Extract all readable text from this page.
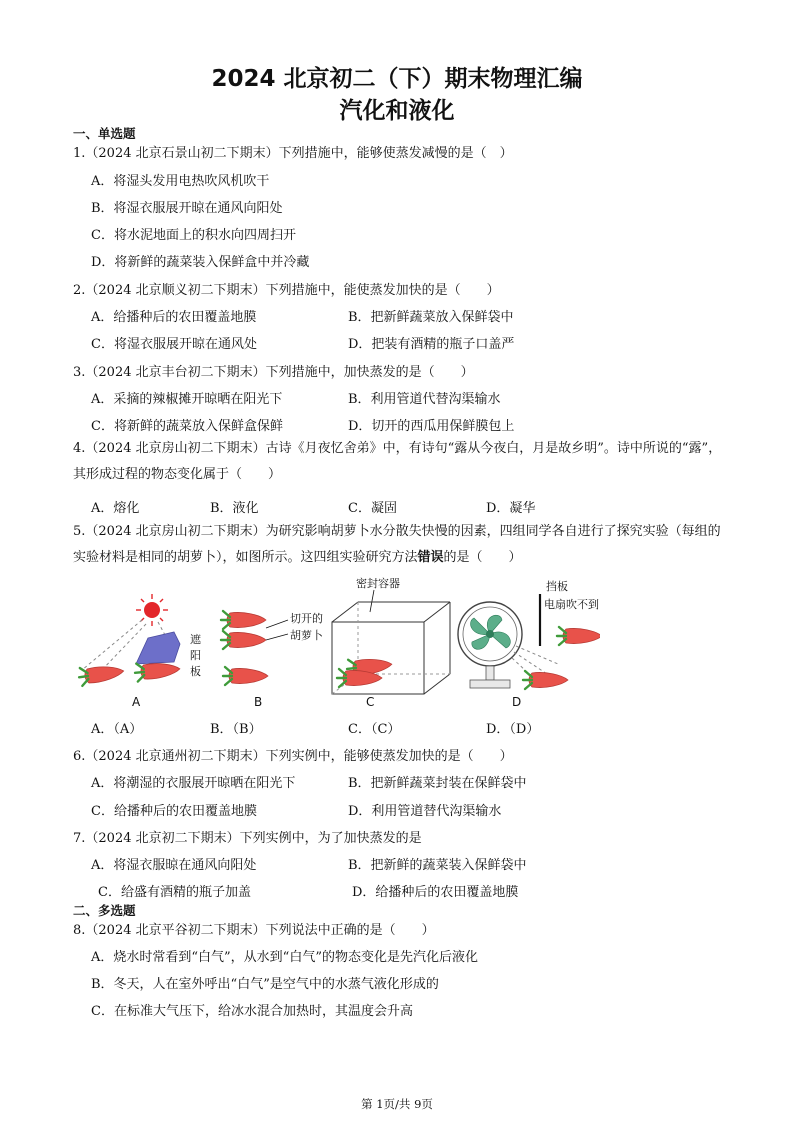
2024 北京初二（下）期末物理汇编
汽化和液化
一、单选题
1.（2024 北京石景山初二下期末）下列措施中，能够使蒸发减慢的是（　）
A．将湿头发用电热吹风机吹干
B．将湿衣服展开晾在通风向阳处
C．将水泥地面上的积水向四周扫开
D．将新鲜的蔬菜装入保鲜盒中并冷藏
2.（2024 北京顺义初二下期末）下列措施中，能使蒸发加快的是（　　）
A．给播种后的农田覆盖地膜	B．把新鲜蔬菜放入保鲜袋中
C．将湿衣服展开晾在通风处	D．把装有酒精的瓶子口盖严
3.（2024 北京丰台初二下期末）下列措施中，加快蒸发的是（　　）
A．采摘的辣椒摊开晾晒在阳光下	B．利用管道代替沟渠输水
C．将新鲜的蔬菜放入保鲜盒保鲜	D．切开的西瓜用保鲜膜包上
4.（2024 北京房山初二下期末）古诗《月夜忆舍弟》中，有诗句“露从今夜白，月是故乡明”。诗中所说的“露”，其形成过程的物态变化属于（　　）
A．熔化	B．液化	C．凝固	D．凝华
5.（2024 北京房山初二下期末）为研究影响胡萝卜水分散失快慢的因素，四组同学各自进行了探究实验（每组的实验材料是相同的胡萝卜），如图所示。这四组实验研究方法错误的是（　　）
遮
阳
板
A
切开的
胡萝卜
B
密封容器
C
挡板
电扇吹不到
D
A．（A）	B．（B）	C．（C）	D．（D）
6.（2024 北京通州初二下期末）下列实例中，能够使蒸发加快的是（　　）
A．将潮湿的衣服展开晾晒在阳光下	B．把新鲜蔬菜封装在保鲜袋中
C．给播种后的农田覆盖地膜	D．利用管道替代沟渠输水
7.（2024 北京初二下期末）下列实例中，为了加快蒸发的是
A．将湿衣服晾在通风向阳处	B．把新鲜的蔬菜装入保鲜袋中
C．给盛有酒精的瓶子加盖	D．给播种后的农田覆盖地膜
二、多选题
8.（2024 北京平谷初二下期末）下列说法中正确的是（　　）
A．烧水时常看到“白气”，从水到“白气”的物态变化是先汽化后液化
B．冬天，人在室外呼出“白气”是空气中的水蒸气液化形成的
C．在标准大气压下，给冰水混合加热时，其温度会升高
第 1页/共 9页
